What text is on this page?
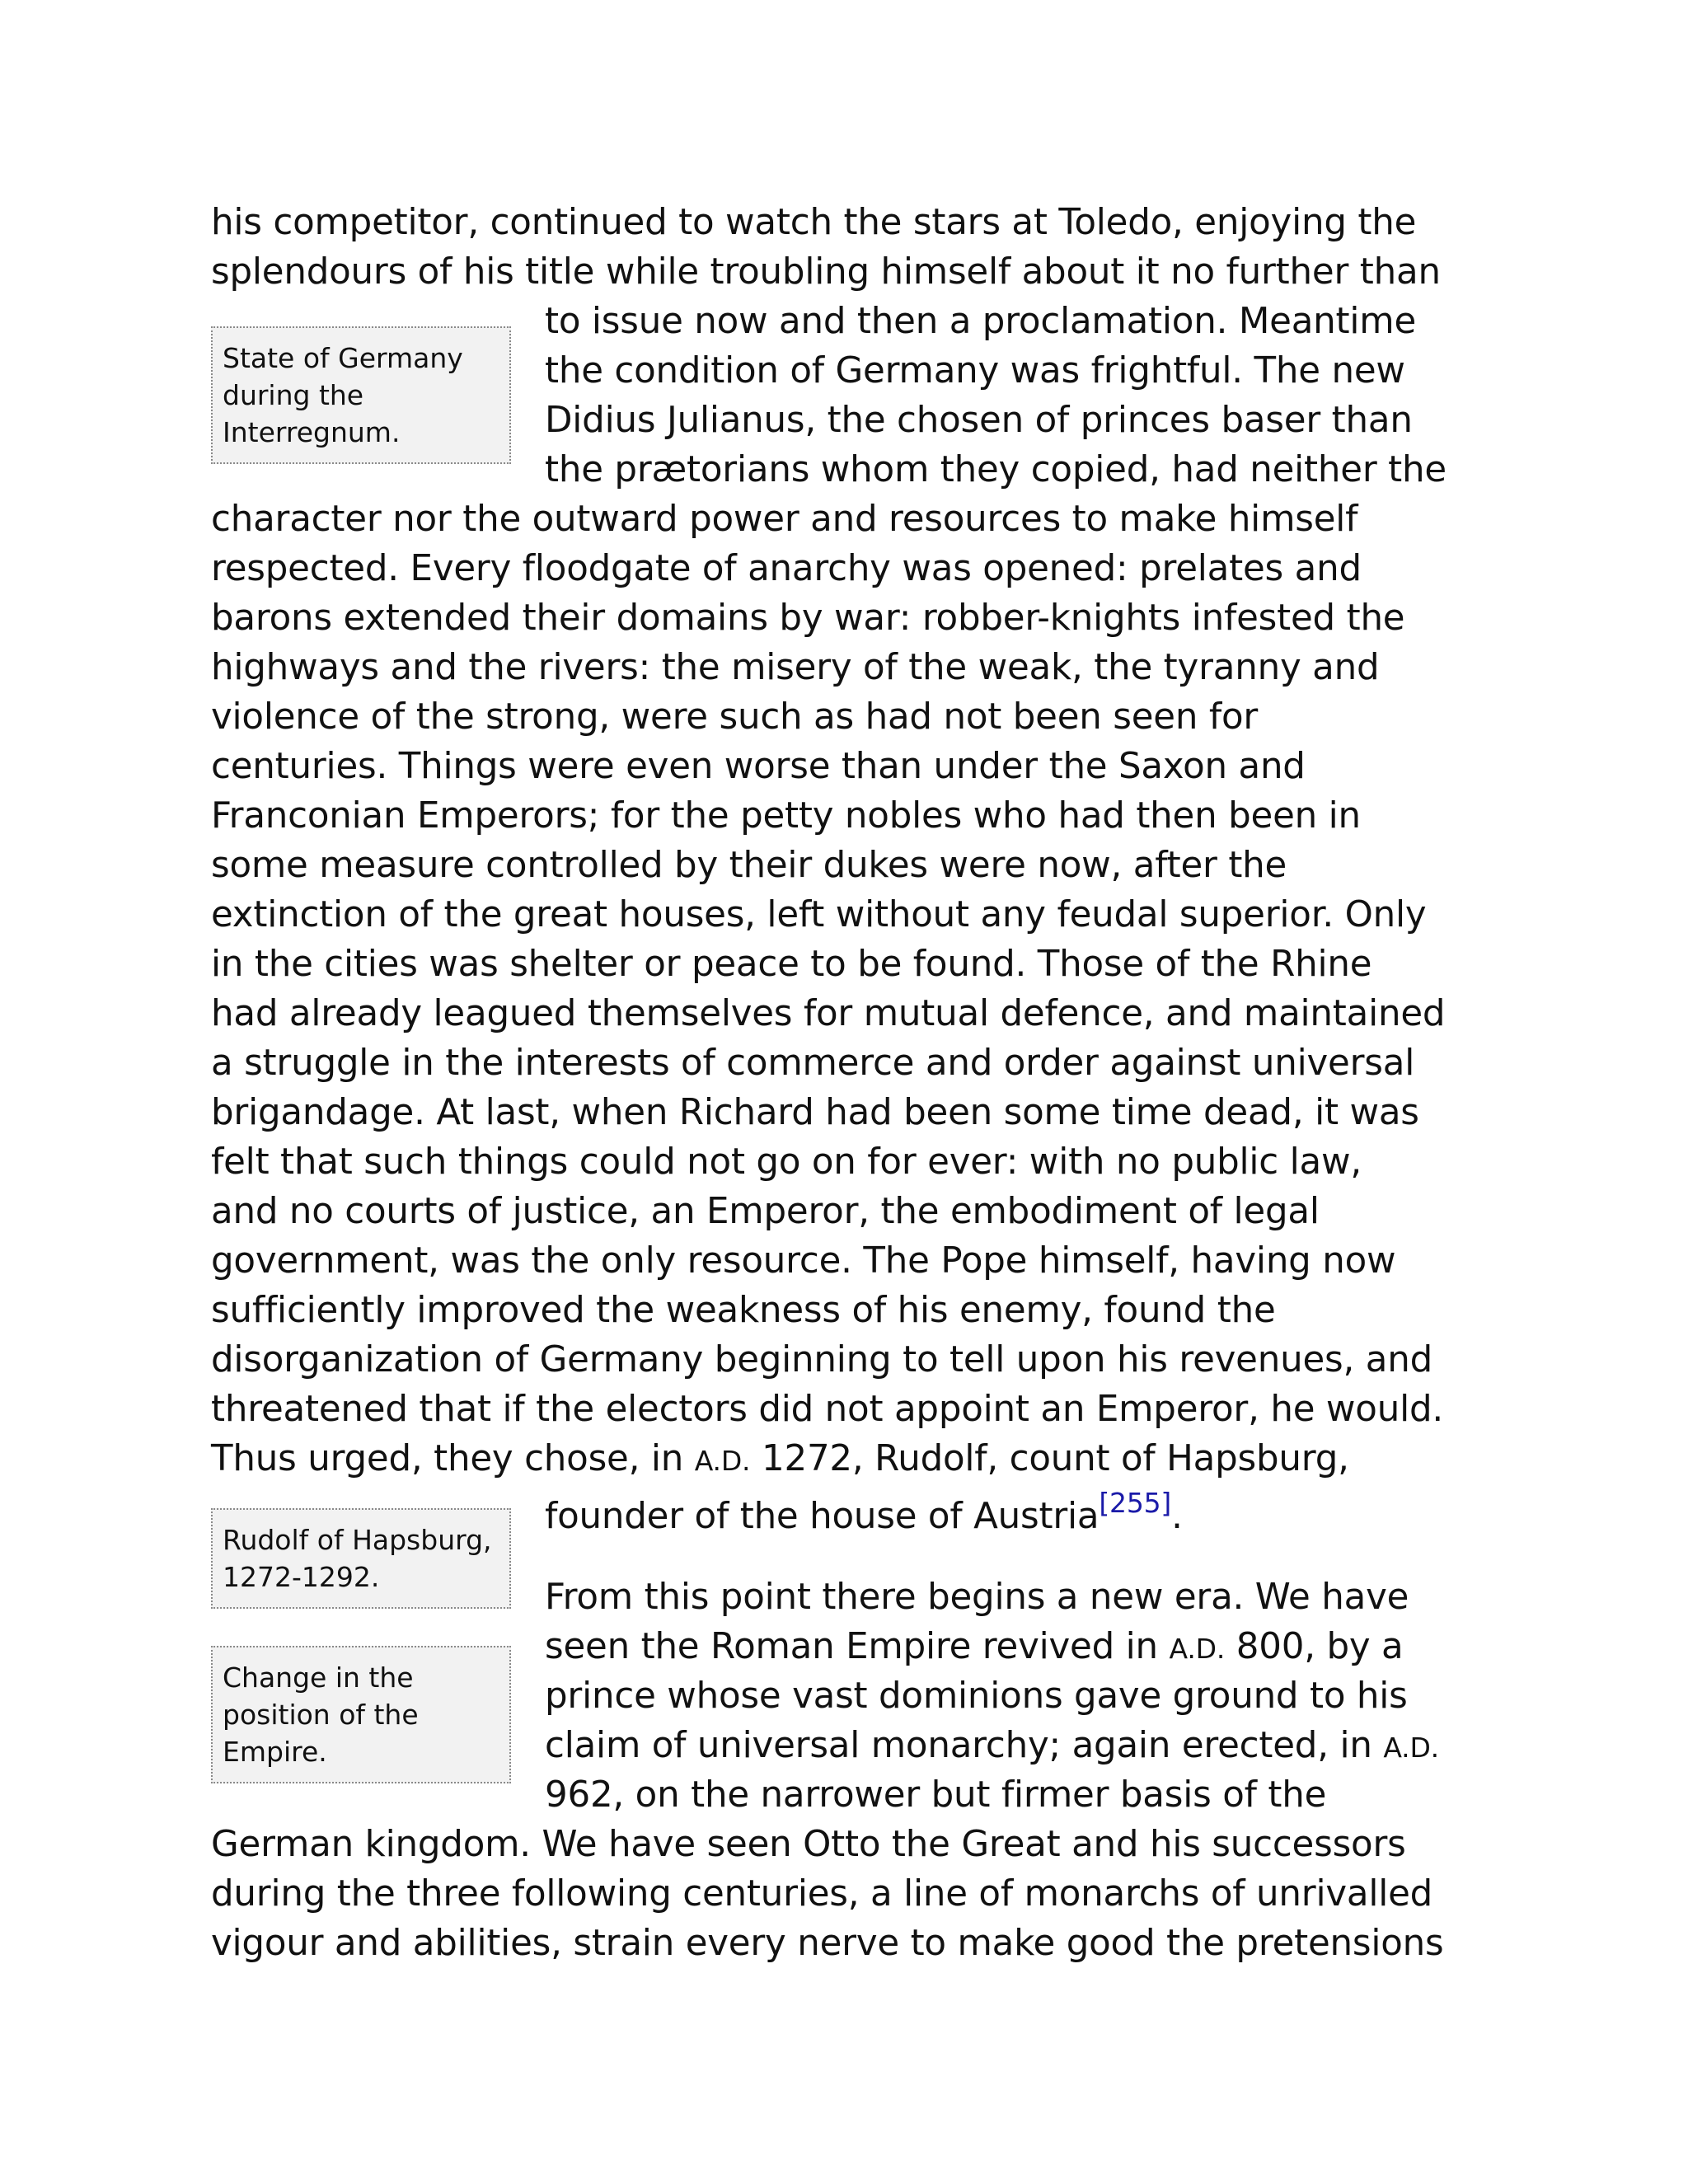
State of Germany during the Interregnum.
Rudolf of Hapsburg, 1272-1292.
Change in the position of the Empire.
his competitor, continued to watch the stars at Toledo, enjoying the
splendours of his title while troubling himself about it no further than
to issue now and then a proclamation. Meantime
the condition of Germany was frightful. The new
Didius Julianus, the chosen of princes baser than
the prætorians whom they copied, had neither the
character nor the outward power and resources to make himself
respected. Every floodgate of anarchy was opened: prelates and
barons extended their domains by war: robber-knights infested the
highways and the rivers: the misery of the weak, the tyranny and
violence of the strong, were such as had not been seen for
centuries. Things were even worse than under the Saxon and
Franconian Emperors; for the petty nobles who had then been in
some measure controlled by their dukes were now, after the
extinction of the great houses, left without any feudal superior. Only
in the cities was shelter or peace to be found. Those of the Rhine
had already leagued themselves for mutual defence, and maintained
a struggle in the interests of commerce and order against universal
brigandage. At last, when Richard had been some time dead, it was
felt that such things could not go on for ever: with no public law,
and no courts of justice, an Emperor, the embodiment of legal
government, was the only resource. The Pope himself, having now
sufficiently improved the weakness of his enemy, found the
disorganization of Germany beginning to tell upon his revenues, and
threatened that if the electors did not appoint an Emperor, he would.
Thus urged, they chose, in A.D. 1272, Rudolf, count of Hapsburg,
founder of the house of Austria[255].
From this point there begins a new era. We have
seen the Roman Empire revived in A.D. 800, by a
prince whose vast dominions gave ground to his
claim of universal monarchy; again erected, in A.D.
962, on the narrower but firmer basis of the
German kingdom. We have seen Otto the Great and his successors
during the three following centuries, a line of monarchs of unrivalled
vigour and abilities, strain every nerve to make good the pretensions
